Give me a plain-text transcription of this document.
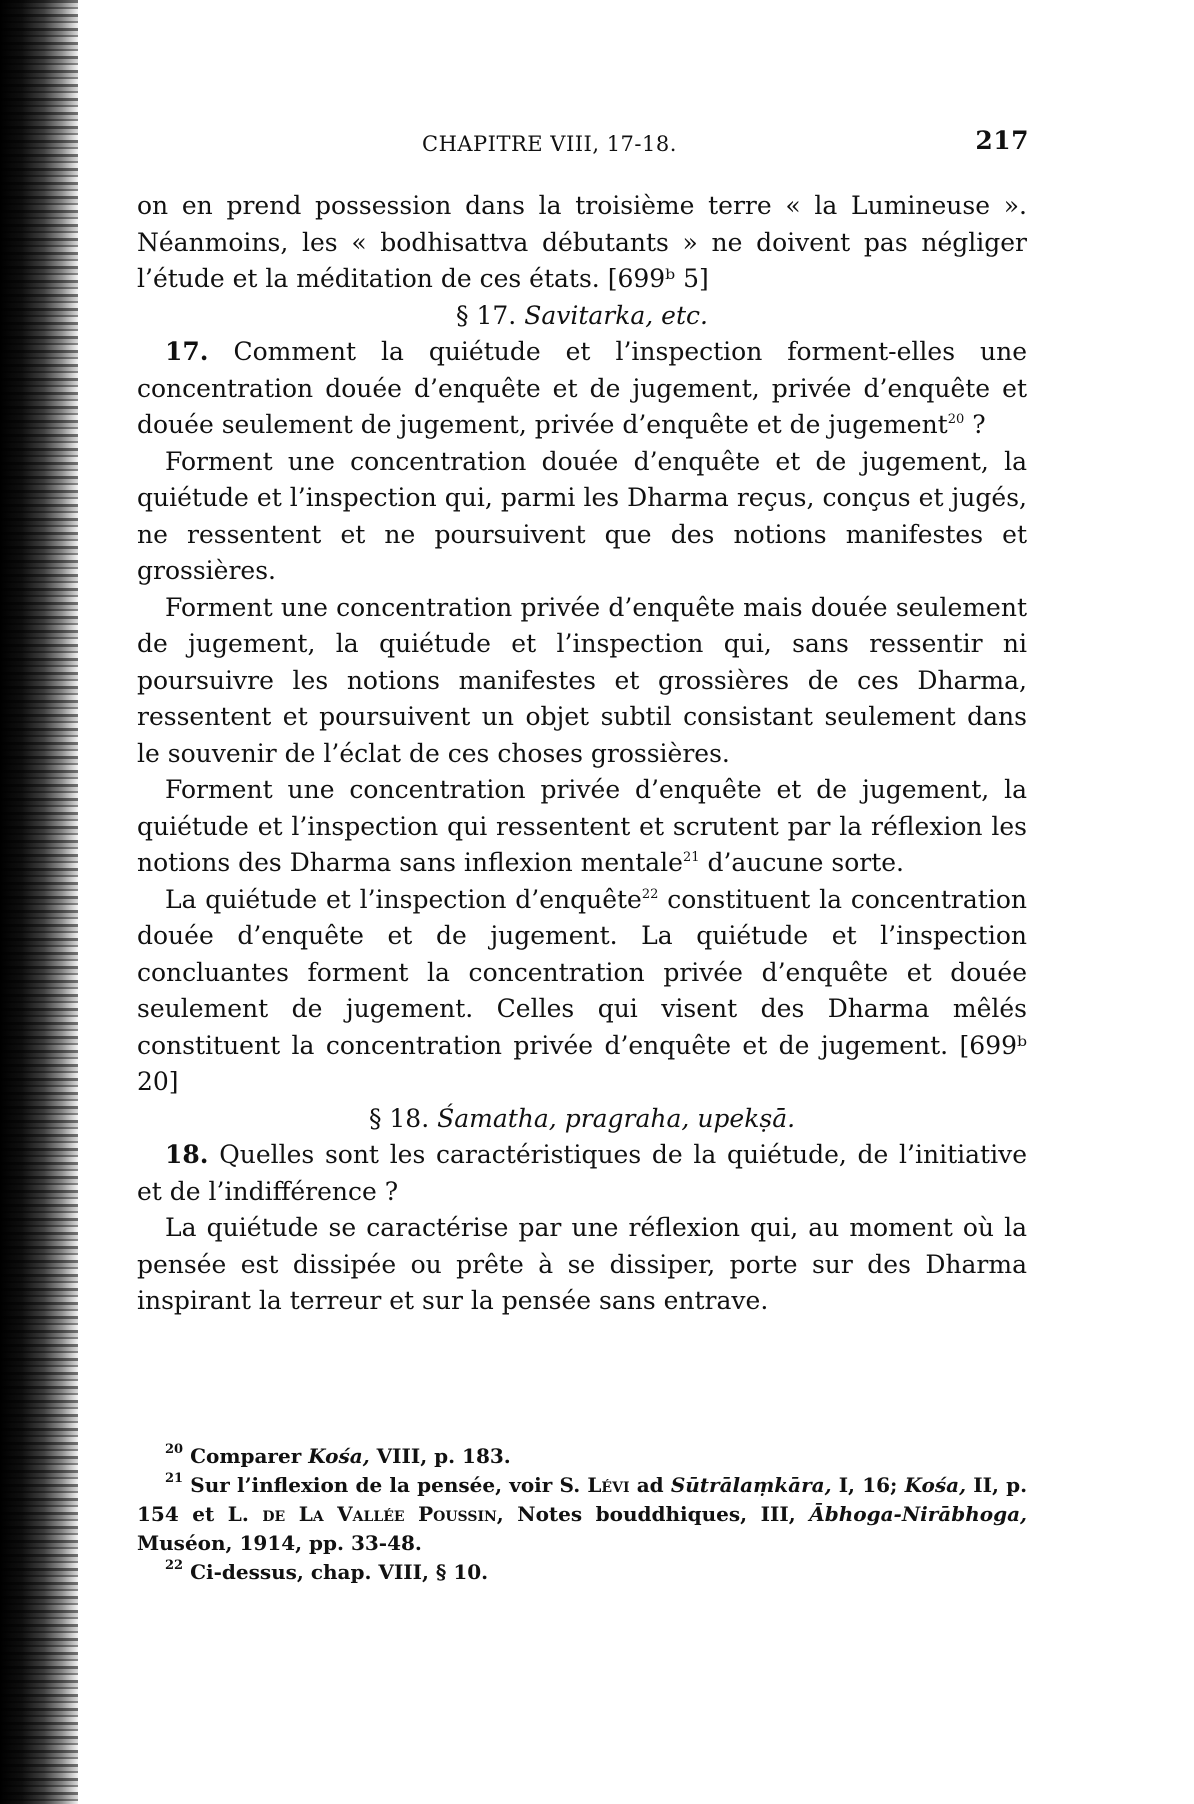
CHAPITRE VIII, 17-18.	217

on en prend possession dans la troisième terre « la Lumineuse ». Néanmoins, les « bodhisattva débutants » ne doivent pas négliger l’étude et la méditation de ces états. [699ᵇ 5]

§ 17. Savitarka, etc.

17. Comment la quiétude et l’inspection forment-elles une concentration douée d’enquête et de jugement, privée d’enquête et douée seulement de jugement, privée d’enquête et de jugement$^{20}$ ?

Forment une concentration douée d’enquête et de jugement, la quiétude et l’inspection qui, parmi les Dharma reçus, conçus et jugés, ne ressentent et ne poursuivent que des notions manifestes et grossières.

Forment une concentration privée d’enquête mais douée seulement de jugement, la quiétude et l’inspection qui, sans ressentir ni poursuivre les notions manifestes et grossières de ces Dharma, ressentent et poursuivent un objet subtil consistant seulement dans le souvenir de l’éclat de ces choses grossières.

Forment une concentration privée d’enquête et de jugement, la quiétude et l’inspection qui ressentent et scrutent par la réflexion les notions des Dharma sans inflexion mentale$^{21}$ d’aucune sorte.

La quiétude et l’inspection d’enquête$^{22}$ constituent la concentration douée d’enquête et de jugement. La quiétude et l’inspection concluantes forment la concentration privée d’enquête et douée seulement de jugement. Celles qui visent des Dharma mêlés constituent la concentration privée d’enquête et de jugement. [699ᵇ 20]

§ 18. Śamatha, pragraha, upekṣā.

18. Quelles sont les caractéristiques de la quiétude, de l’initiative et de l’indifférence ?

La quiétude se caractérise par une réflexion qui, au moment où la pensée est dissipée ou prête à se dissiper, porte sur des Dharma inspirant la terreur et sur la pensée sans entrave.

$^{20}$ Comparer Kośa, VIII, p. 183.

$^{21}$ Sur l’inflexion de la pensée, voir S. Lévi ad Sūtrālaṃkāra, I, 16; Kośa, II, p. 154 et L. de La Vallée Poussin, Notes bouddhiques, III, Ābhoga-Nirābhoga, Muséon, 1914, pp. 33-48.

$^{22}$ Ci-dessus, chap. VIII, § 10.
